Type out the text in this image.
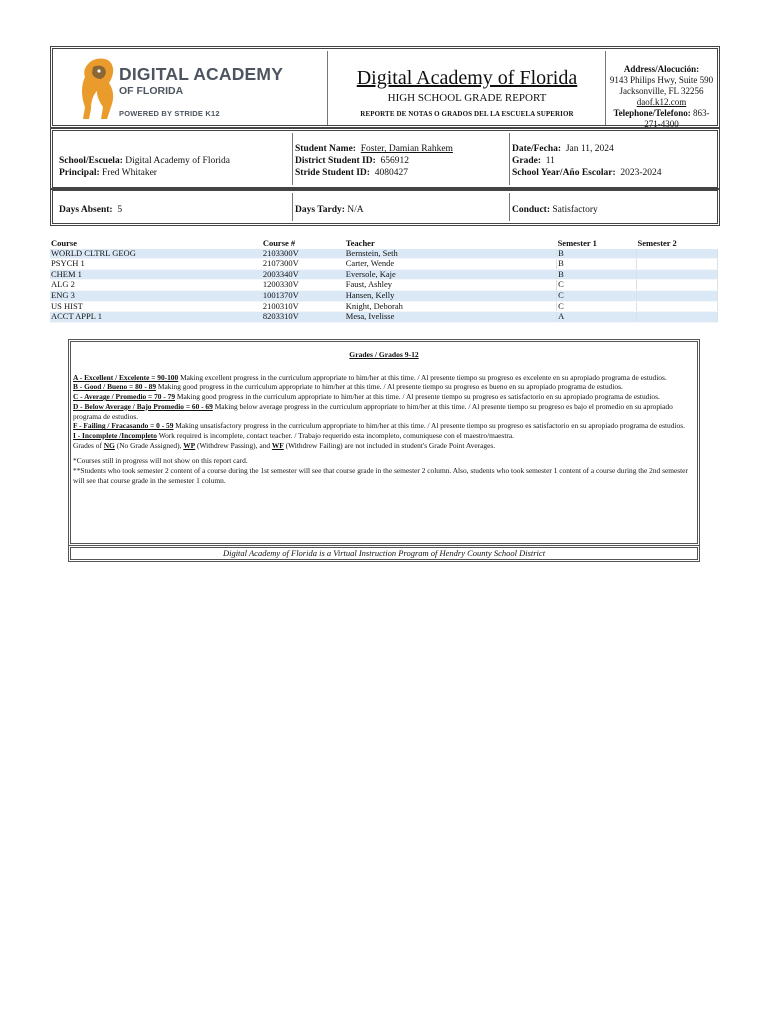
DIGITAL ACADEMY
OF FLORIDA
POWERED BY STRIDE K12
Digital Academy of Florida
HIGH SCHOOL GRADE REPORT
REPORTE DE NOTAS O GRADOS DEL LA ESCUELA SUPERIOR
Address/Alocución:
9143 Philips Hwy, Suite 590
Jacksonville, FL 32256
daof.k12.com
Telephone/Telefono: 863-271-4300
School/Escuela: Digital Academy of Florida
Principal: Fred Whitaker
Student Name: Foster, Damian Rahkem
District Student ID: 656912
Stride Student ID: 4080427
Date/Fecha: Jan 11, 2024
Grade: 11
School Year/Año Escolar: 2023-2024
Days Absent: 5	Days Tardy: N/A	Conduct: Satisfactory
Course	Course #	Teacher	Semester 1	Semester 2
WORLD CLTRL GEOG	2103300V	Bernstein, Seth	B	
PSYCH 1	2107300V	Carter, Wende	B	
CHEM 1	2003340V	Eversole, Kaje	B	
ALG 2	1200330V	Faust, Ashley	C	
ENG 3	1001370V	Hansen, Kelly	C	
US HIST	2100310V	Knight, Deborah	C	
ACCT APPL 1	8203310V	Mesa, Ivelisse	A	
Grades / Grados 9-12

A - Excellent / Excelente = 90-100 Making excellent progress in the curriculum appropriate to him/her at this time. / Al presente tiempo su progreso es excelente en su apropiado programa de estudios.

B - Good / Bueno = 80 - 89 Making good progress in the curriculum appropriate to him/her at this time. / Al presente tiempo su progreso es bueno en su apropiado programa de estudios.

C - Average / Promedio = 70 - 79 Making good progress in the curriculum appropriate to him/her at this time. / Al presente tiempo su progreso es satisfactorio en su apropiado programa de estudios.

D - Below Average / Bajo Promedio = 60 - 69 Making below average progress in the curriculum appropriate to him/her at this time. / Al presente tiempo su progreso es bajo el promedio en su apropiado programa de estudios.

F - Failing / Fracasando = 0 - 59 Making unsatisfactory progress in the curriculum appropriate to him/her at this time. / Al presente tiempo su progreso es satisfactorio en su apropiado programa de estudios.

I - Incomplete /Incompleto Work required is incomplete, contact teacher. / Trabajo requerido esta incompleto, comuniquese con el maestro/maestra.

Grades of NG (No Grade Assigned), WP (Withdrew Passing), and WF (Withdrew Failing) are not included in student's Grade Point Averages.

*Courses still in progress will not show on this report card.

**Students who took semester 2 content of a course during the 1st semester will see that course grade in the semester 2 column. Also, students who took semester 1 content of a course during the 2nd semester will see that course grade in the semester 1 column.

Digital Academy of Florida is a Virtual Instruction Program of Hendry County School District
